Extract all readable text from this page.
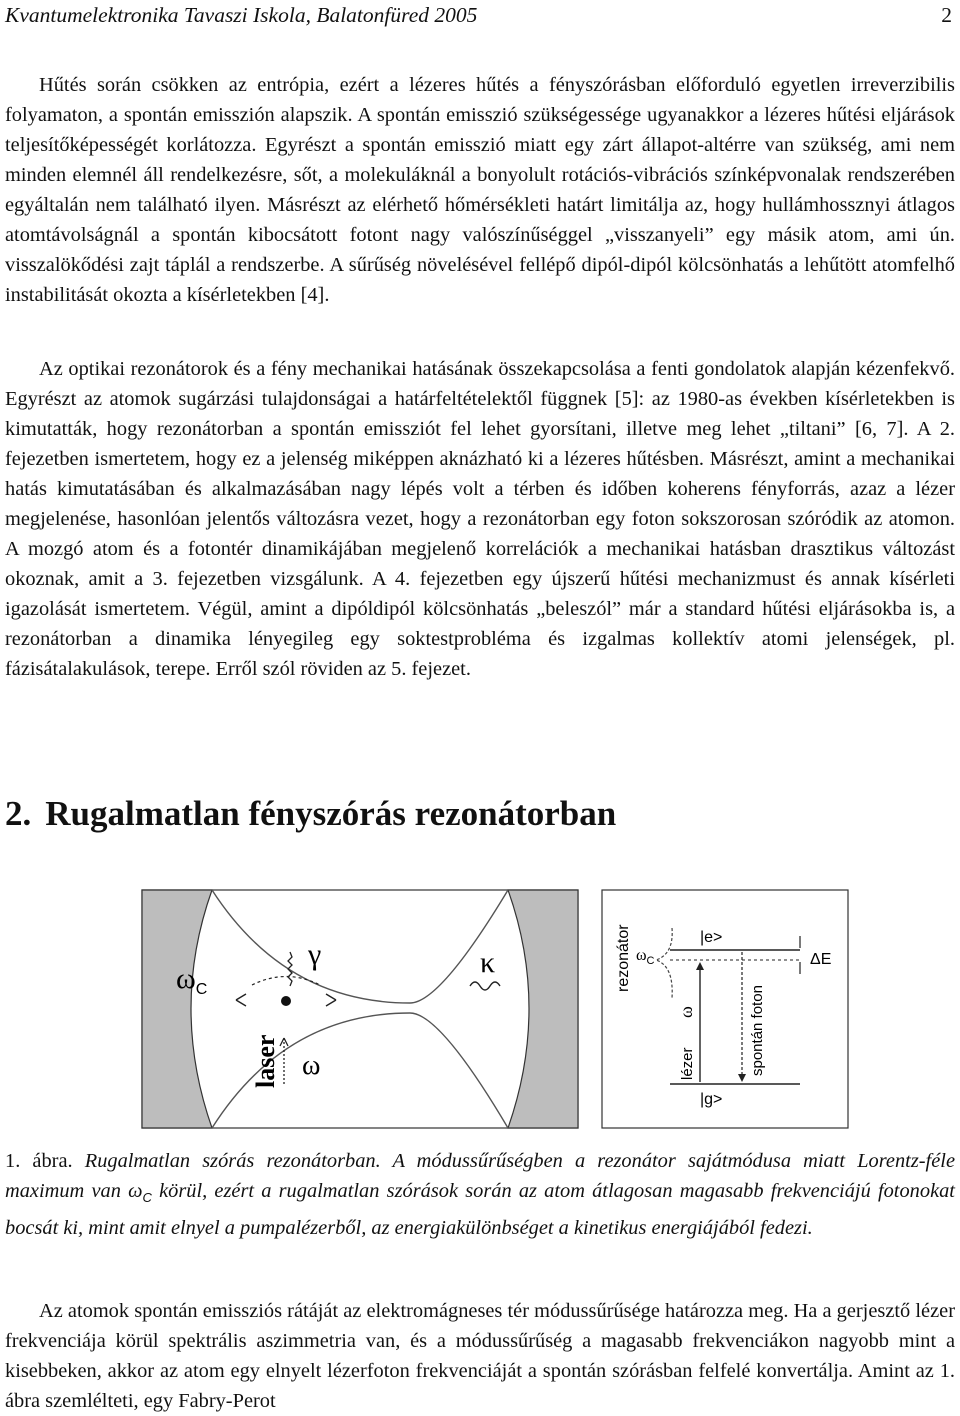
Kvantumelektronika Tavaszi Iskola, Balatonfüred 2005	2

Hűtés során csökken az entrópia, ezért a lézeres hűtés a fényszórásban előforduló egyetlen irreverzibilis folyamaton, a spontán emisszión alapszik. A spontán emisszió szükségessége ugyanakkor a lézeres hűtési eljárások teljesítőképességét korlátozza. Egyrészt a spontán emisszió miatt egy zárt állapot-altérre van szükség, ami nem minden elemnél áll rendelkezésre, sőt, a molekuláknál a bonyolult rotációs-vibrációs színképvonalak rendszerében egyáltalán nem található ilyen. Másrészt az elérhető hőmérsékleti határt limitálja az, hogy hullámhossznyi átlagos atomtávolságnál a spontán kibocsátott fotont nagy valószínűséggel „visszanyeli” egy másik atom, ami ún. visszalökődési zajt táplál a rendszerbe. A sűrűség növelésével fellépő dipól-dipól kölcsönhatás a lehűtött atomfelhő instabilitását okozta a kísérletekben [4].

Az optikai rezonátorok és a fény mechanikai hatásának összekapcsolása a fenti gondolatok alapján kézenfekvő. Egyrészt az atomok sugárzási tulajdonságai a határfeltételektől függnek [5]: az 1980-as években kísérletekben is kimutatták, hogy rezonátorban a spontán emissziót fel lehet gyorsítani, illetve meg lehet „tiltani” [6, 7]. A 2. fejezetben ismertetem, hogy ez a jelenség miképpen aknázható ki a lézeres hűtésben. Másrészt, amint a mechanikai hatás kimutatásában és alkalmazásában nagy lépés volt a térben és időben koherens fényforrás, azaz a lézer megjelenése, hasonlóan jelentős változásra vezet, hogy a rezonátorban egy foton sokszorosan szóródik az atomon. A mozgó atom és a fotontér dinamikájában megjelenő korrelációk a mechanikai hatásban drasztikus változást okoznak, amit a 3. fejezetben vizsgálunk. A 4. fejezetben egy újszerű hűtési mechanizmust és annak kísérleti igazolását ismertetem. Végül, amint a dipóldipól kölcsönhatás „beleszól” már a standard hűtési eljárásokba is, a rezonátorban a dinamika lényegileg egy soktestprobléma és izgalmas kollektív atomi jelenségek, pl. fázisátalakulások, terepe. Erről szól röviden az 5. fejezet.

2. Rugalmatlan fényszórás rezonátorban
$\omega_C$
γ	κ
laser ω
rezonátor $\omega_C$
|e>
|g>
ω
lézer	spontán foton
ΔE

1. ábra. Rugalmatlan szórás rezonátorban. A módussűrűségben a rezonátor sajátmódusa miatt Lorentz-féle maximum van $\omega_C$ körül, ezért a rugalmatlan szórások során az atom átlagosan magasabb frekvenciájú fotonokat bocsát ki, mint amit elnyel a pumpalézerből, az energiakülönbséget a kinetikus energiájából fedezi.

Az atomok spontán emissziós rátáját az elektromágneses tér módussűrűsége határozza meg. Ha a gerjesztő lézer frekvenciája körül spektrális aszimmetria van, és a módussűrűség a magasabb frekvenciákon nagyobb mint a kisebbeken, akkor az atom egy elnyelt lézerfoton frekvenciáját a spontán szórásban felfelé konvertálja. Amint az 1. ábra szemlélteti, egy Fabry-Perot
